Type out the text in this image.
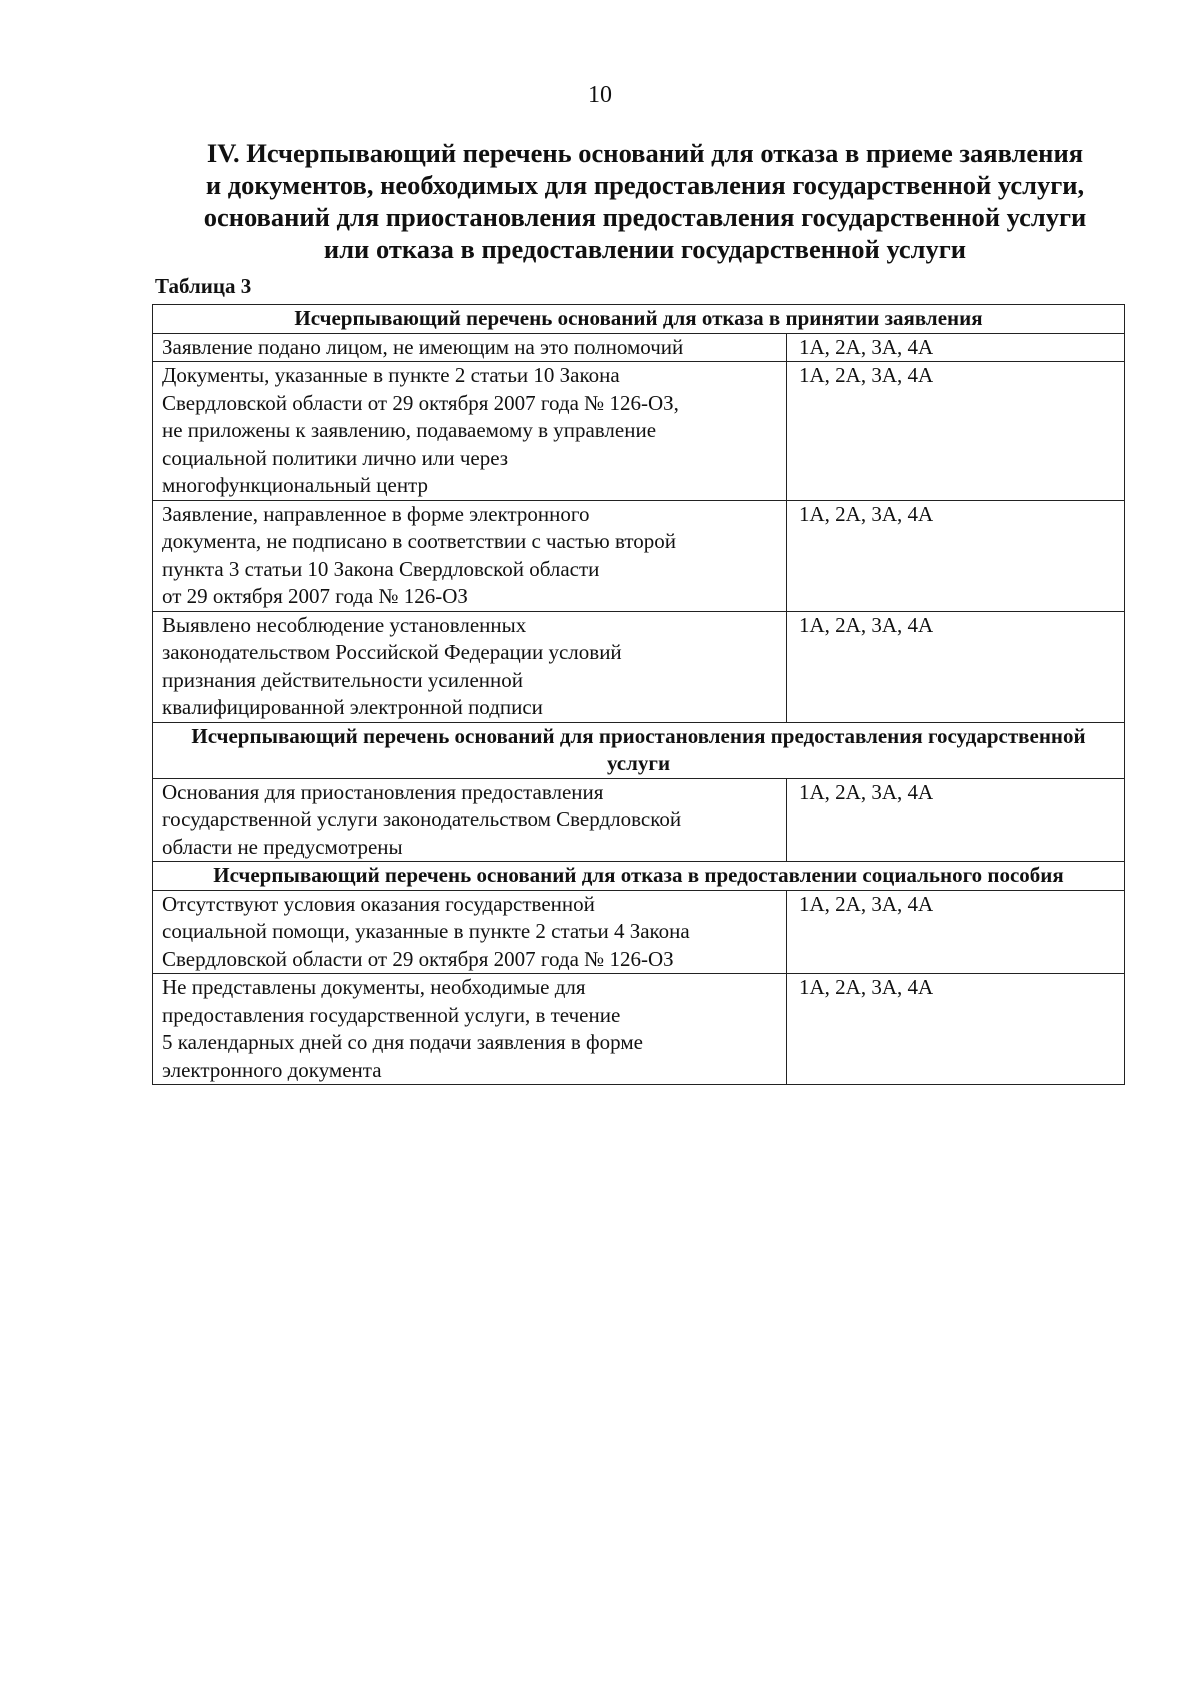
10
IV. Исчерпывающий перечень оснований для отказа в приеме заявления
и документов, необходимых для предоставления государственной услуги,
оснований для приостановления предоставления государственной услуги
или отказа в предоставлении государственной услуги
Таблица 3
Исчерпывающий перечень оснований для отказа в принятии заявления	

Заявление подано лицом, не имеющим на это полномочий	1А, 2А, 3А, 4А

Документы, указанные в пункте 2 статьи 10 Закона
Свердловской области от 29 октября 2007 года № 126-ОЗ,
не приложены к заявлению, подаваемому в управление
социальной политики лично или через
многофункциональный центр	1А, 2А, 3А, 4А

Заявление, направленное в форме электронного
документа, не подписано в соответствии с частью второй
пункта 3 статьи 10 Закона Свердловской области
от 29 октября 2007 года № 126-ОЗ	1А, 2А, 3А, 4А

Выявлено несоблюдение установленных
законодательством Российской Федерации условий
признания действительности усиленной
квалифицированной электронной подписи	1А, 2А, 3А, 4А
Исчерпывающий перечень оснований для приостановления предоставления государственной услуги	

Основания для приостановления предоставления
государственной услуги законодательством Свердловской
области не предусмотрены	1А, 2А, 3А, 4А
Исчерпывающий перечень оснований для отказа в предоставлении социального пособия	

Отсутствуют условия оказания государственной
социальной помощи, указанные в пункте 2 статьи 4 Закона
Свердловской области от 29 октября 2007 года № 126-ОЗ	1А, 2А, 3А, 4А

Не представлены документы, необходимые для
предоставления государственной услуги, в течение
5 календарных дней со дня подачи заявления в форме
электронного документа	1А, 2А, 3А, 4А
